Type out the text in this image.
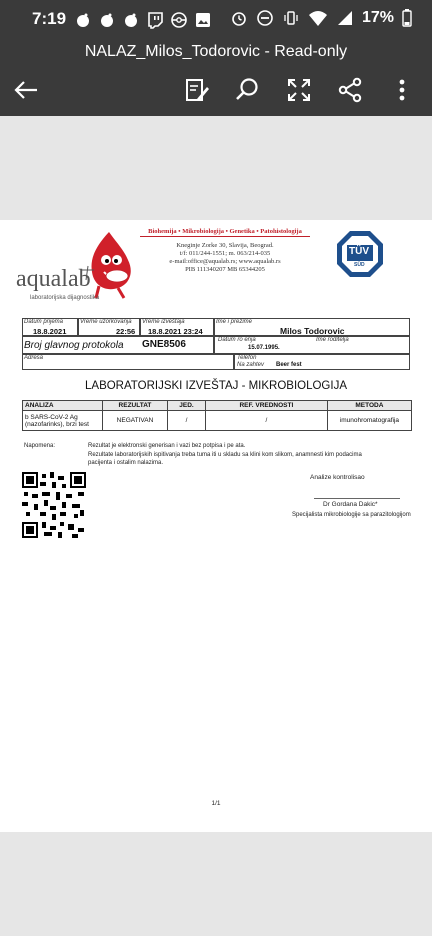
7:19	17%
NALAZ_Milos_Todorovic - Read-only
aqualab
laboratorijska dijagnostika
Biohemija • Mikrobiologija • Genetika • Patohistologija
Kneginje Zorke 30, Slavija, Beograd.
t/f: 011/244-1551; m. 063/214-035
e-mail:office@aqualab.rs; www.aqualab.rs
PIB 111340207 MB 65344205
TÜV
SÜD
Datum prijema
18.8.2021
Vreme uzorkovanja
22:56
Vreme izveštaja
18.8.2021 23:24
Ime i prezime
Milos Todorovic
Broj glavnog protokola GNE8506	Datum ro enja	Ime roditelja
15.07.1995.
Adresa	Telefon
Na zahtev Beer fest
LABORATORIJSKI IZVEŠTAJ - MIKROBIOLOGIJA
ANALIZA	REZULTAT	JED.	REF. VREDNOSTI	METODA

b SARS-CoV-2 Ag
(nazofarinks), brzi test	NEGATIVAN	/	/	imunohromatografija
Napomena:	Rezultat je elektronski generisan i vazi bez potpisa i pe ata.
Rezultate laboratorijskih ispitivanja treba tuma iti u skladu sa klini kom slikom, anamnesti kim podacima
pacijenta i ostalim nalazima.
Analize kontrolisao
Dr Gordana Dakic*
Specijalista mikrobiologije sa parazitologijom
1/1
